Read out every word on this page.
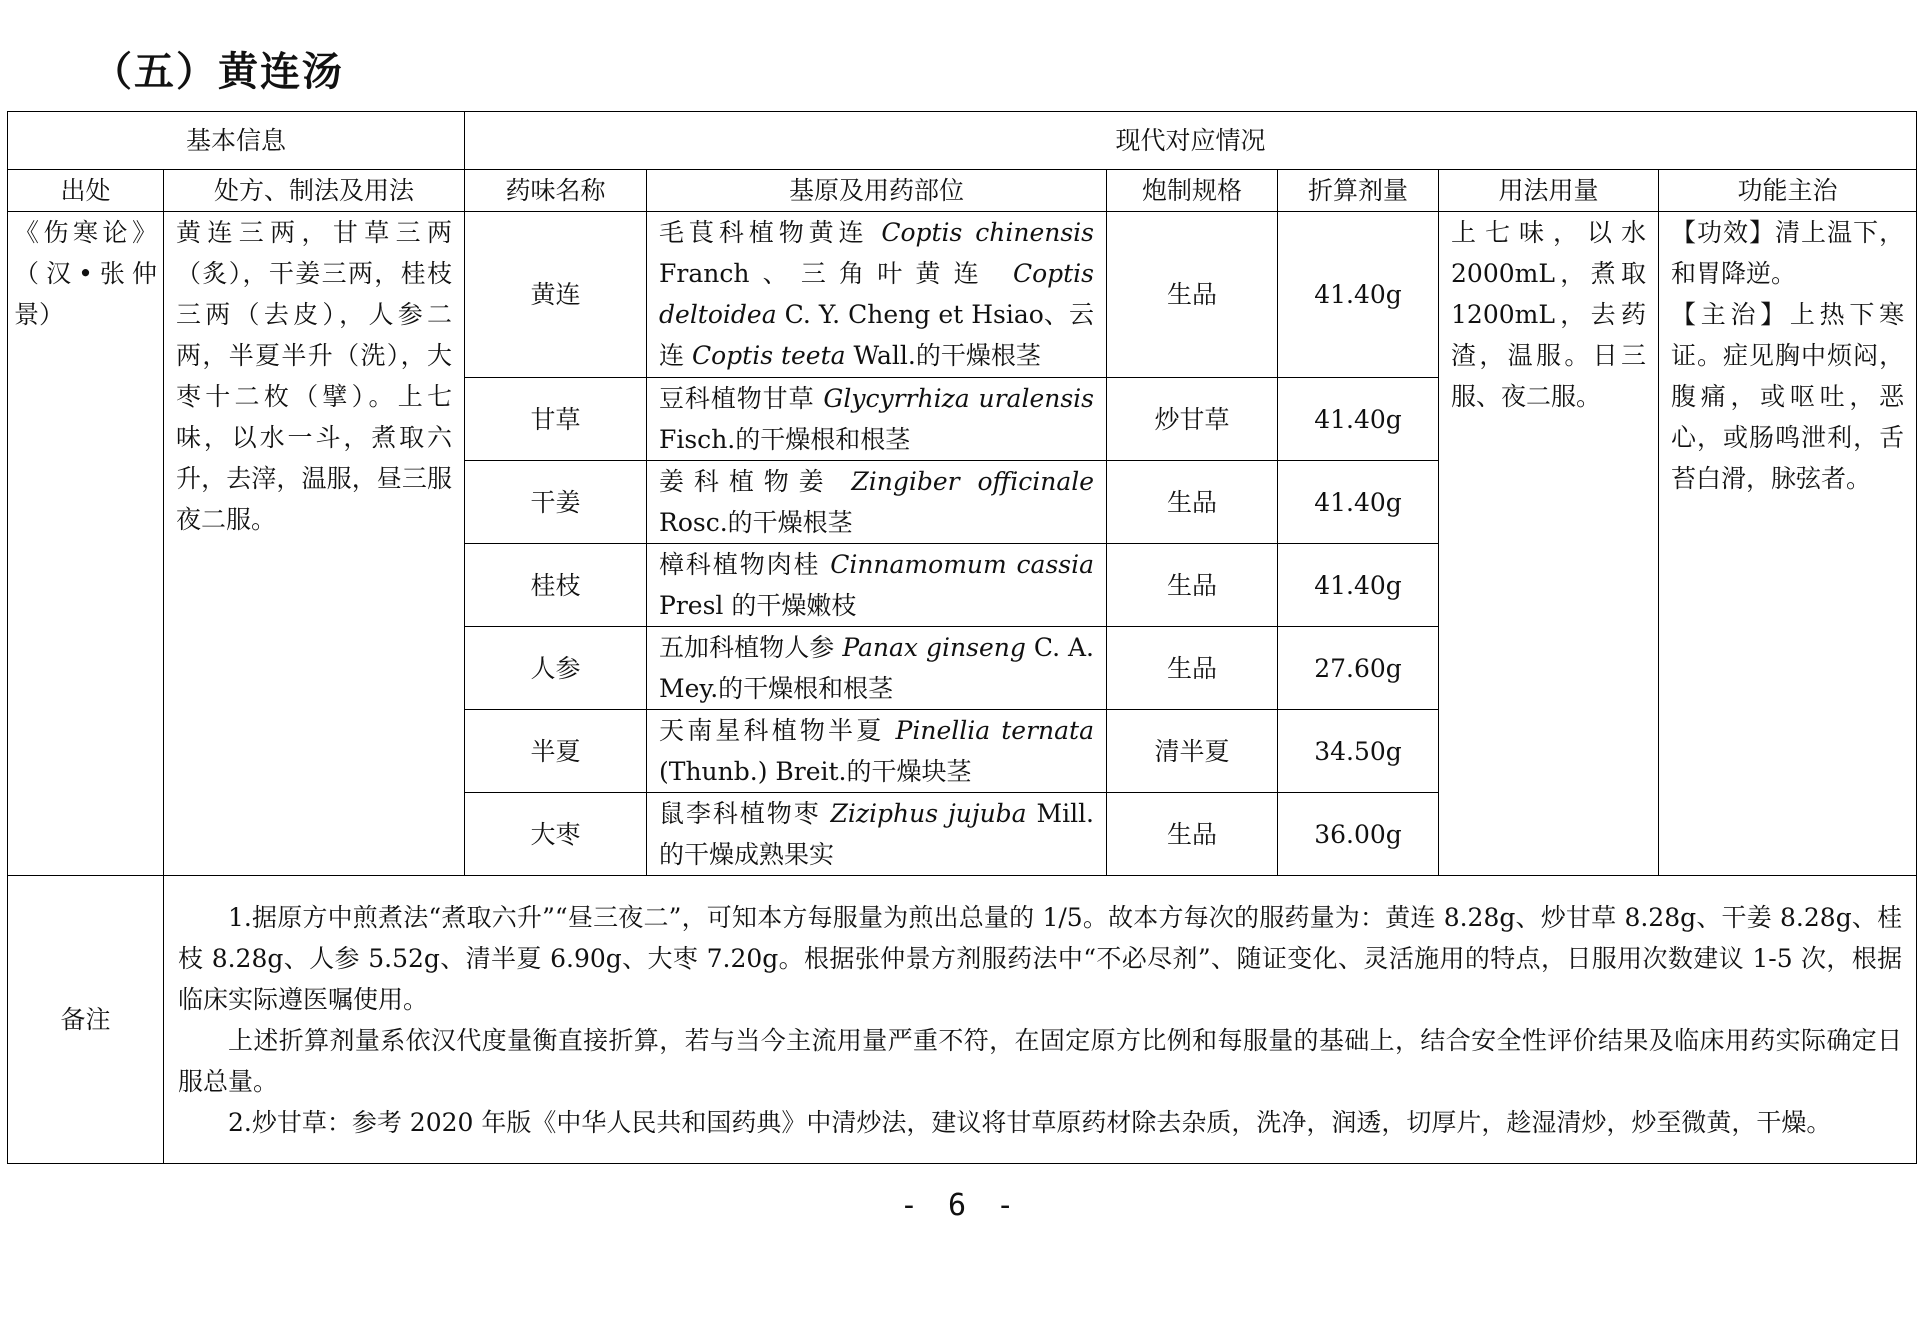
（五）黄连汤
基本信息		现代对应情况					
出处	处方、制法及用法	药味名称	基原及用药部位	炮制规格	折算剂量	用法用量	功能主治
《伤寒论》（汉•张仲景）	黄连三两，甘草三两（炙），干姜三两，桂枝三两（去皮），人参二两，半夏半升（洗），大枣十二枚（擘）。上七味，以水一斗，煮取六升，去滓，温服，昼三服夜二服。	黄连	毛茛科植物黄连 Coptis chinensis Franch、三角叶黄连 Coptis deltoidea C. Y. Cheng et Hsiao、云连 Coptis teeta Wall.的干燥根茎	生品	41.40g	上七味，以水2000mL，煮取1200mL，去药渣，温服。日三服、夜二服。	【功效】清上温下，和胃降逆。
【主治】上热下寒证。症见胸中烦闷，腹痛，或呕吐，恶心，或肠鸣泄利，舌苔白滑，脉弦者。

		甘草	豆科植物甘草 Glycyrrhiza uralensis Fisch.的干燥根和根茎	炒甘草	41.40g		
		干姜	姜科植物姜 Zingiber officinale Rosc.的干燥根茎	生品	41.40g		
		桂枝	樟科植物肉桂 Cinnamomum cassia Presl 的干燥嫩枝	生品	41.40g		
		人参	五加科植物人参 Panax ginseng C. A. Mey.的干燥根和根茎	生品	27.60g		
		半夏	天南星科植物半夏 Pinellia ternata (Thunb.) Breit.的干燥块茎	清半夏	34.50g		
		大枣	鼠李科植物枣 Ziziphus jujuba Mill.的干燥成熟果实	生品	36.00g		
备注	1.据原方中煎煮法“煮取六升”“昼三夜二”，可知本方每服量为煎出总量的 1/5。故本方每次的服药量为：黄连 8.28g、炒甘草 8.28g、干姜 8.28g、桂枝 8.28g、人参 5.52g、清半夏 6.90g、大枣 7.20g。根据张仲景方剂服药法中“不必尽剂”、随证变化、灵活施用的特点，日服用次数建议 1-5 次，根据临床实际遵医嘱使用。

上述折算剂量系依汉代度量衡直接折算，若与当今主流用量严重不符，在固定原方比例和每服量的基础上，结合安全性评价结果及临床用药实际确定日服总量。

2.炒甘草：参考 2020 年版《中华人民共和国药典》中清炒法，建议将甘草原药材除去杂质，洗净，润透，切厚片，趁湿清炒，炒至微黄，干燥。						

- 6 -
